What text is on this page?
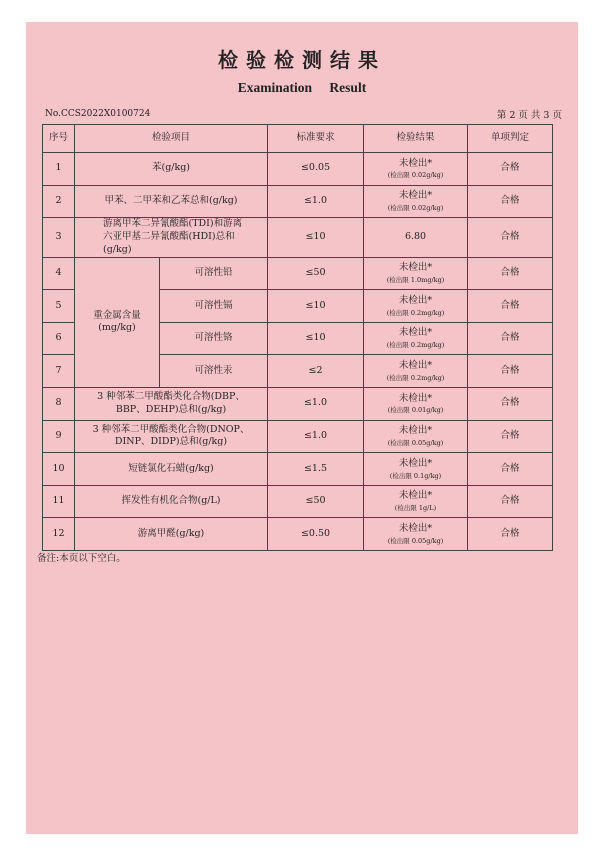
检验检测结果
Examination Result
No.CCS2022X0100724	第 2 页 共 3 页
序号	检验项目		标准要求	检验结果	单项判定
1	苯(g/kg)		≤0.05	未检出*
(检出限 0.02g/kg)	合格
2	甲苯、二甲苯和乙苯总和(g/kg)		≤1.0	未检出*
(检出限 0.02g/kg)	合格
3	游离甲苯二异氰酸酯(TDI)和游离六亚甲基二异氰酸酯(HDI)总和(g/kg)		≤10	6.80	合格
4	重金属含量
(mg/kg)	可溶性铅	≤50	未检出*
(检出限 1.0mg/kg)	合格
5		可溶性镉	≤10	未检出*
(检出限 0.2mg/kg)	合格
6		可溶性铬	≤10	未检出*
(检出限 0.2mg/kg)	合格
7		可溶性汞	≤2	未检出*
(检出限 0.2mg/kg)	合格
8	3 种邻苯二甲酸酯类化合物(DBP、BBP、DEHP)总和(g/kg)		≤1.0	未检出*
(检出限 0.01g/kg)	合格
9	3 种邻苯二甲酸酯类化合物(DNOP、DINP、DIDP)总和(g/kg)		≤1.0	未检出*
(检出限 0.05g/kg)	合格
10	短链氯化石蜡(g/kg)		≤1.5	未检出*
(检出限 0.1g/kg)	合格
11	挥发性有机化合物(g/L)		≤50	未检出*
(检出限 1g/L)	合格
12	游离甲醛(g/kg)		≤0.50	未检出*
(检出限 0.05g/kg)	合格
备注:本页以下空白。
